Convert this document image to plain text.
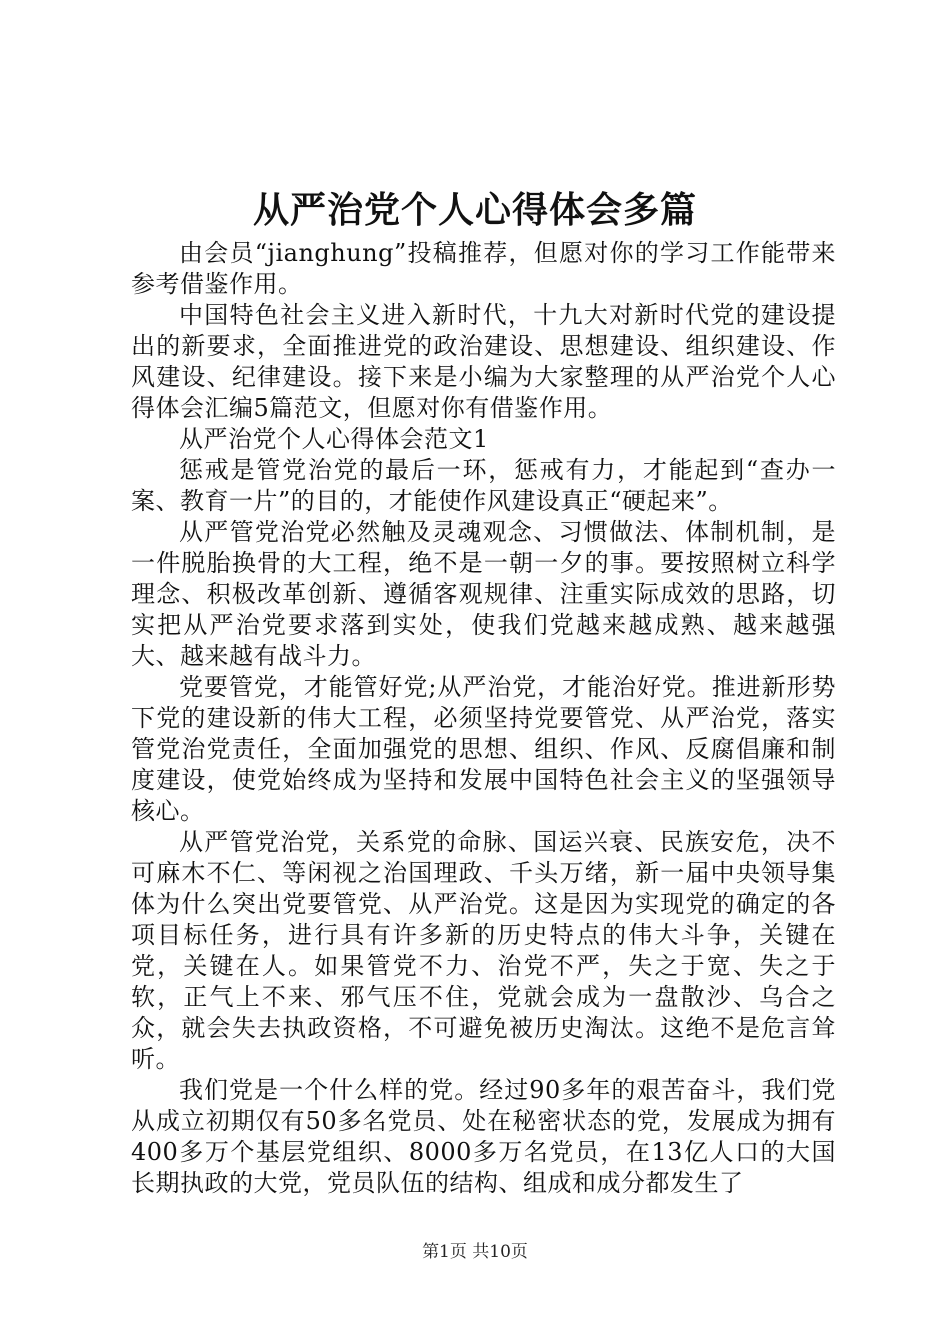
从严治党个人心得体会多篇

由会员“jianghung”投稿推荐，但愿对你的学习工作能带来参考借鉴作用。

中国特色社会主义进入新时代，十九大对新时代党的建设提出的新要求，全面推进党的政治建设、思想建设、组织建设、作风建设、纪律建设。接下来是小编为大家整理的从严治党个人心得体会汇编5篇范文，但愿对你有借鉴作用。

从严治党个人心得体会范文1

惩戒是管党治党的最后一环，惩戒有力，才能起到“查办一案、教育一片”的目的，才能使作风建设真正“硬起来”。

从严管党治党必然触及灵魂观念、习惯做法、体制机制，是一件脱胎换骨的大工程，绝不是一朝一夕的事。要按照树立科学理念、积极改革创新、遵循客观规律、注重实际成效的思路，切实把从严治党要求落到实处，使我们党越来越成熟、越来越强大、越来越有战斗力。

党要管党，才能管好党;从严治党，才能治好党。推进新形势下党的建设新的伟大工程，必须坚持党要管党、从严治党，落实管党治党责任，全面加强党的思想、组织、作风、反腐倡廉和制度建设，使党始终成为坚持和发展中国特色社会主义的坚强领导核心。

从严管党治党，关系党的命脉、国运兴衰、民族安危，决不可麻木不仁、等闲视之治国理政、千头万绪，新一届中央领导集体为什么突出党要管党、从严治党。这是因为实现党的确定的各项目标任务，进行具有许多新的历史特点的伟大斗争，关键在党，关键在人。如果管党不力、治党不严，失之于宽、失之于软，正气上不来、邪气压不住，党就会成为一盘散沙、乌合之众，就会失去执政资格，不可避免被历史淘汰。这绝不是危言耸听。

我们党是一个什么样的党。经过90多年的艰苦奋斗，我们党从成立初期仅有50多名党员、处在秘密状态的党，发展成为拥有400多万个基层党组织、8000多万名党员，在13亿人口的大国长期执政的大党，党员队伍的结构、组成和成分都发生了

第1页 共10页
